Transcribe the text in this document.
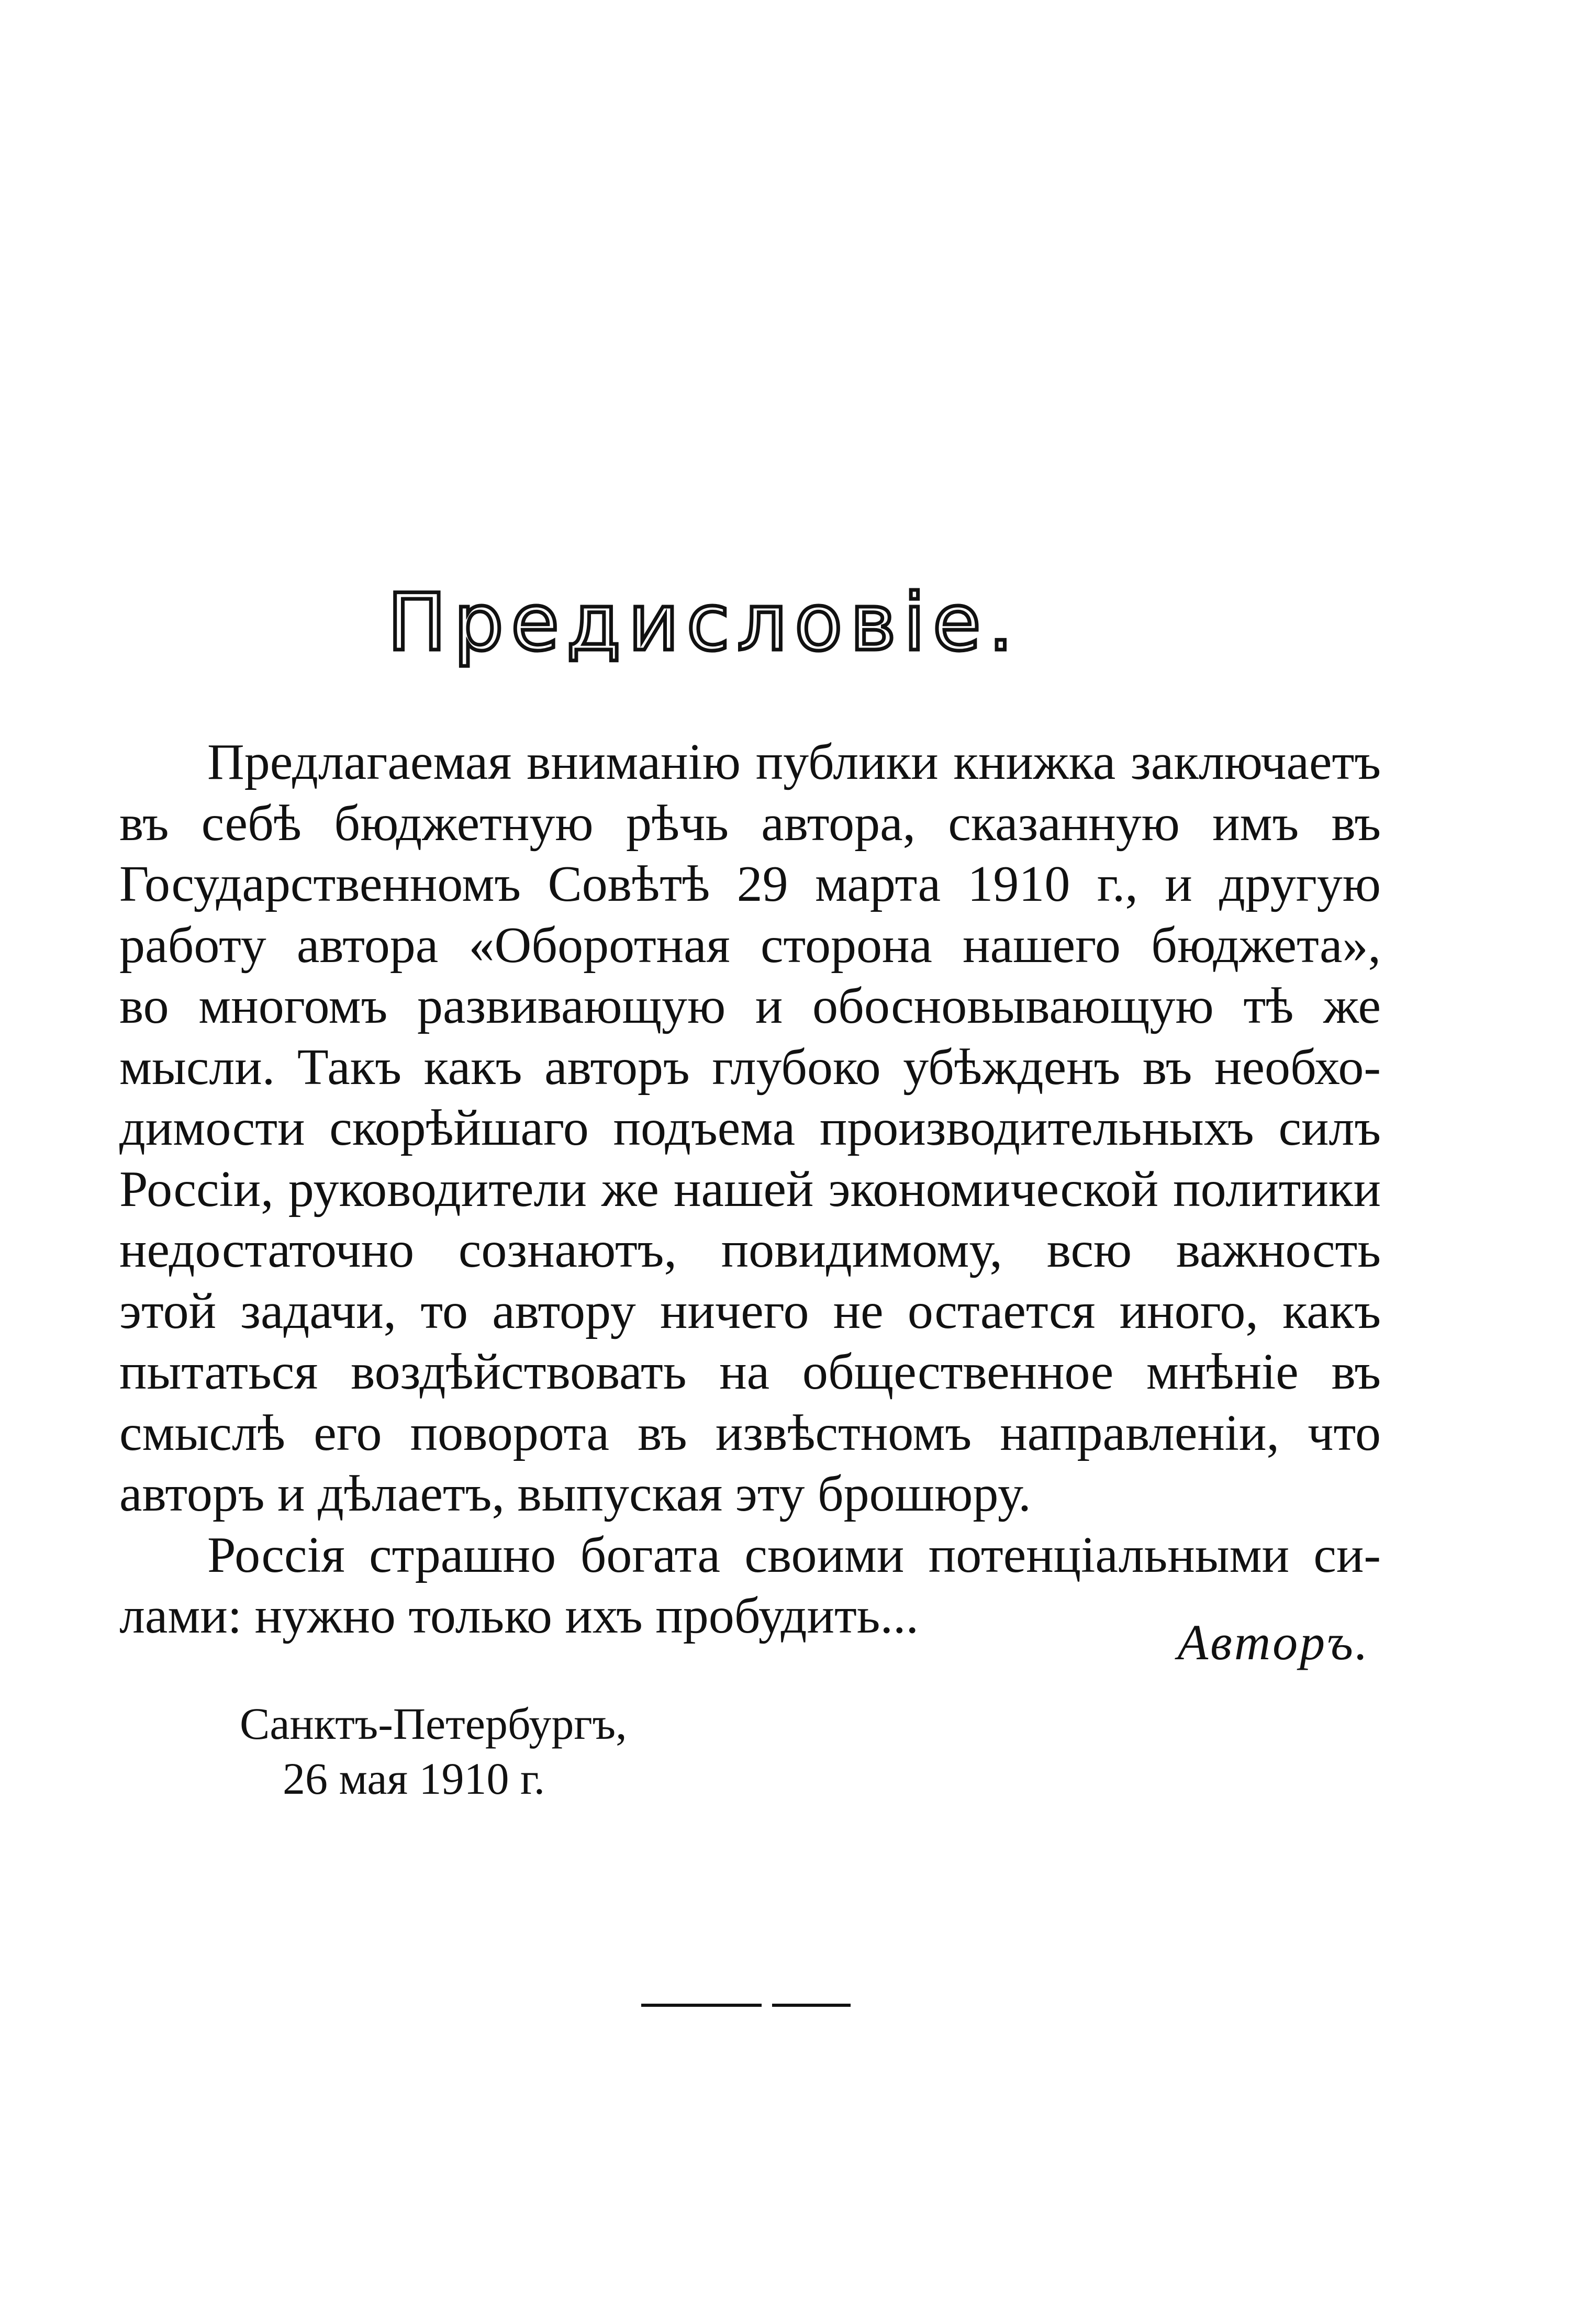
Предисловіе.

Предлагаемая вниманію публики книжка заключаетъ
въ себѣ бюджетную рѣчь автора, сказанную имъ въ
Государственномъ Совѣтѣ 29 марта 1910 г., и другую
работу автора «Оборотная сторона нашего бюджета»,
во многомъ развивающую и обосновывающую тѣ же
мысли. Такъ какъ авторъ глубоко убѣжденъ въ необхо-
димости скорѣйшаго подъема производительныхъ силъ
Россіи, руководители же нашей экономической политики
недостаточно сознаютъ, повидимому, всю важность
этой задачи, то автору ничего не остается иного, какъ
пытаться воздѣйствовать на общественное мнѣніе въ
смыслѣ его поворота въ извѣстномъ направленіи, что
авторъ и дѣлаетъ, выпуская эту брошюру.

Россія страшно богата своими потенціальными си-
лами: нужно только ихъ пробудить...	Авторъ.
Санктъ-Петербургъ,
26 мая 1910 г.
